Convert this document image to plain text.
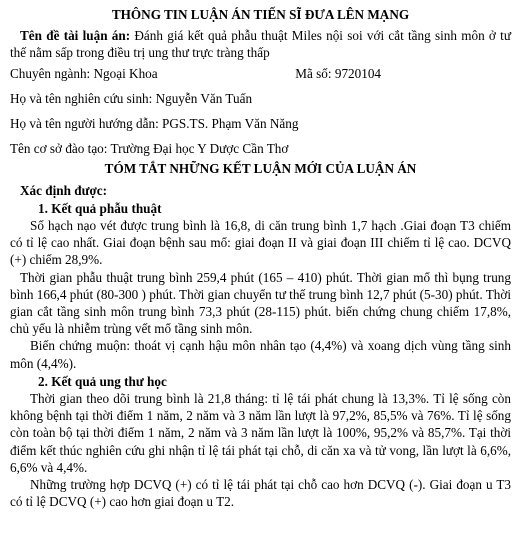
THÔNG TIN LUẬN ÁN TIẾN SĨ ĐƯA LÊN MẠNG

Tên đề tài luận án: Đánh giá kết quả phẫu thuật Miles nội soi với cắt tầng sinh môn ở tư thế nằm sấp trong điều trị ung thư trực tràng thấp

Chuyên ngành: Ngoại Khoa	Mã số: 9720104

Họ và tên nghiên cứu sinh: Nguyễn Văn Tuấn

Họ và tên người hướng dẫn: PGS.TS. Phạm Văn Năng

Tên cơ sở đào tạo: Trường Đại học Y Dược Cần Thơ

TÓM TẮT NHỮNG KẾT LUẬN MỚI CỦA LUẬN ÁN
Xác định được:
1. Kết quả phẫu thuật

Số hạch nạo vét được trung bình là 16,8, di căn trung bình 1,7 hạch .Giai đoạn T3 chiếm có tỉ lệ cao nhất. Giai đoạn bệnh sau mổ: giai đoạn II và giai đoạn III chiếm tỉ lệ cao. DCVQ (+) chiếm 28,9%.

Thời gian phẫu thuật trung bình 259,4 phút (165 – 410) phút. Thời gian mổ thì bụng trung bình 166,4 phút (80-300 ) phút. Thời gian chuyển tư thế trung bình 12,7 phút (5-30) phút. Thời gian cắt tầng sinh môn trung bình 73,3 phút (28-115) phút. biến chứng chung chiếm 17,8%, chủ yếu là nhiễm trùng vết mổ tầng sinh môn.

Biến chứng muộn: thoát vị cạnh hậu môn nhân tạo (4,4%) và xoang dịch vùng tầng sinh môn (4,4%).

2. Kết quả ung thư học

Thời gian theo dõi trung bình là 21,8 tháng: tỉ lệ tái phát chung là 13,3%. Tỉ lệ sống còn không bệnh tại thời điểm 1 năm, 2 năm và 3 năm lần lượt là 97,2%, 85,5% và 76%. Tỉ lệ sống còn toàn bộ tại thời điểm 1 năm, 2 năm và 3 năm lần lượt là 100%, 95,2% và 85,7%. Tại thời điểm kết thúc nghiên cứu ghi nhận tỉ lệ tái phát tại chỗ, di căn xa và tử vong, lần lượt là 6,6%, 6,6% và 4,4%.

Những trường hợp DCVQ (+) có tỉ lệ tái phát tại chỗ cao hơn DCVQ (-). Giai đoạn u T3 có tỉ lệ DCVQ (+) cao hơn giai đoạn u T2.
